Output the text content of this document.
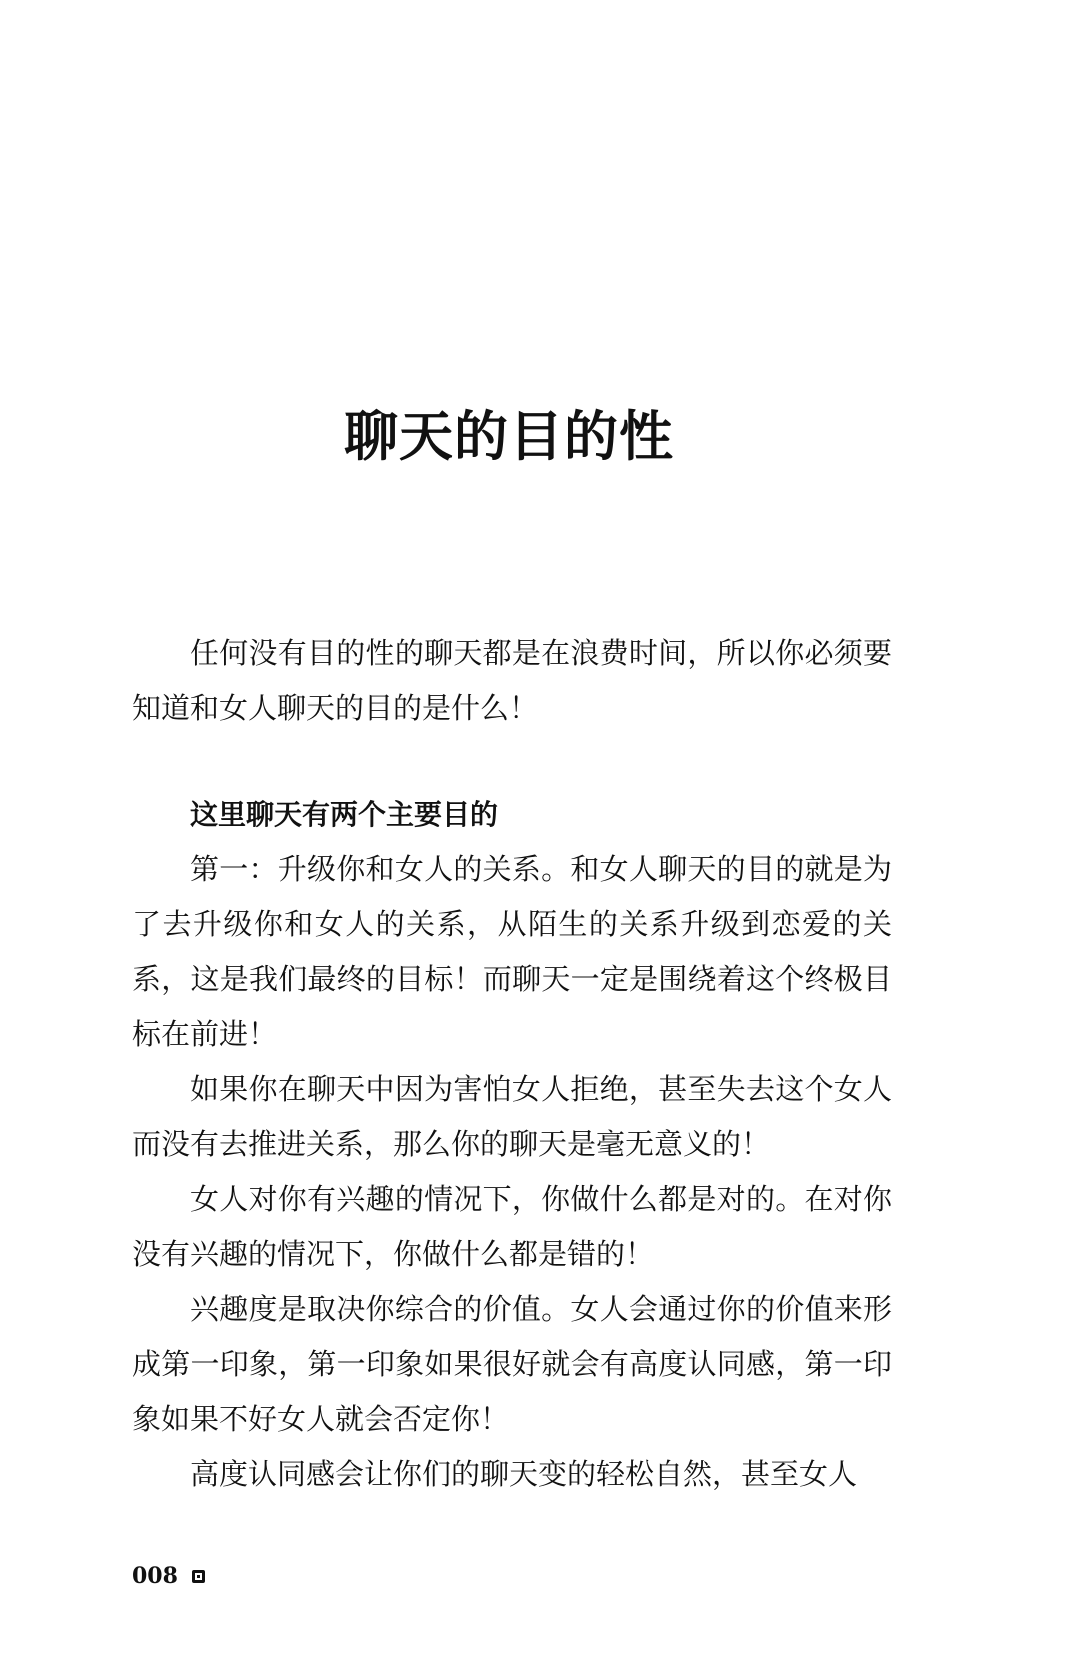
聊天的目的性

任何没有目的性的聊天都是在浪费时间，所以你必须要知道和女人聊天的目的是什么！

这里聊天有两个主要目的

第一：升级你和女人的关系。和女人聊天的目的就是为了去升级你和女人的关系，从陌生的关系升级到恋爱的关系，这是我们最终的目标！而聊天一定是围绕着这个终极目标在前进！

如果你在聊天中因为害怕女人拒绝，甚至失去这个女人而没有去推进关系，那么你的聊天是毫无意义的！

女人对你有兴趣的情况下，你做什么都是对的。在对你没有兴趣的情况下，你做什么都是错的！

兴趣度是取决你综合的价值。女人会通过你的价值来形成第一印象，第一印象如果很好就会有高度认同感，第一印象如果不好女人就会否定你！

高度认同感会让你们的聊天变的轻松自然，甚至女人

008
